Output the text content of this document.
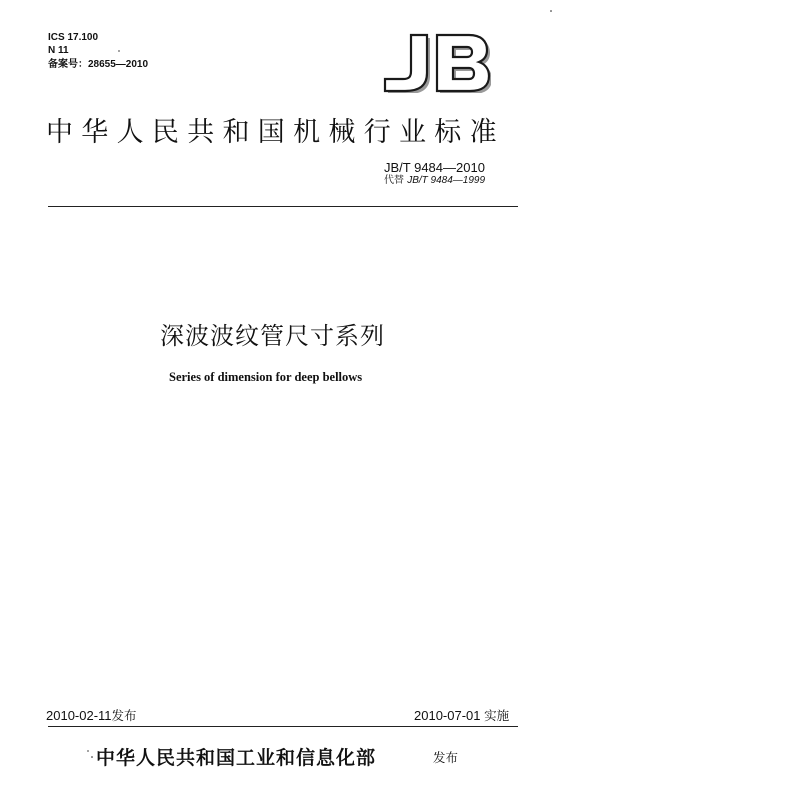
ICS 17.100
N 11
备案号：28655—2010
中华人民共和国机械行业标准
JB/T 9484—2010
代替 JB/T 9484—1999
深波波纹管尺寸系列
Series of dimension for deep bellows
2010-02-11发布	2010-07-01 实施
中华人民共和国工业和信息化部	发布
